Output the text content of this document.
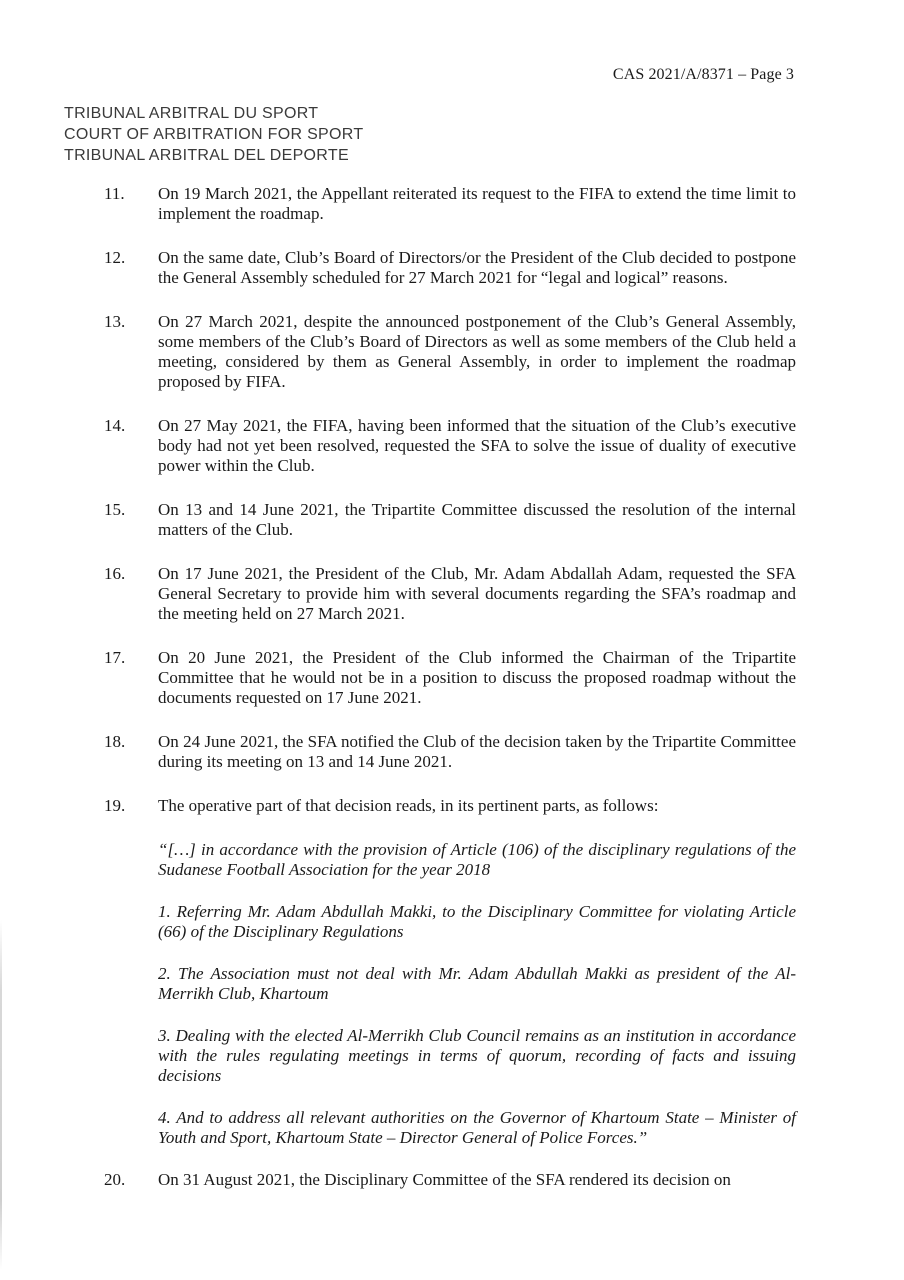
CAS 2021/A/8371 – Page 3
TRIBUNAL ARBITRAL DU SPORT
COURT OF ARBITRATION FOR SPORT
TRIBUNAL ARBITRAL DEL DEPORTE
11.	On 19 March 2021, the Appellant reiterated its request to the FIFA to extend the time limit to implement the roadmap.
12.	On the same date, Club’s Board of Directors/or the President of the Club decided to postpone the General Assembly scheduled for 27 March 2021 for “legal and logical” reasons.
13.	On 27 March 2021, despite the announced postponement of the Club’s General Assembly, some members of the Club’s Board of Directors as well as some members of the Club held a meeting, considered by them as General Assembly, in order to implement the roadmap proposed by FIFA.
14.	On 27 May 2021, the FIFA, having been informed that the situation of the Club’s executive body had not yet been resolved, requested the SFA to solve the issue of duality of executive power within the Club.
15.	On 13 and 14 June 2021, the Tripartite Committee discussed the resolution of the internal matters of the Club.
16.	On 17 June 2021, the President of the Club, Mr. Adam Abdallah Adam, requested the SFA General Secretary to provide him with several documents regarding the SFA’s roadmap and the meeting held on 27 March 2021.
17.	On 20 June 2021, the President of the Club informed the Chairman of the Tripartite Committee that he would not be in a position to discuss the proposed roadmap without the documents requested on 17 June 2021.
18.	On 24 June 2021, the SFA notified the Club of the decision taken by the Tripartite Committee during its meeting on 13 and 14 June 2021.
19.	The operative part of that decision reads, in its pertinent parts, as follows:
“[…] in accordance with the provision of Article (106) of the disciplinary regulations of the Sudanese Football Association for the year 2018
1. Referring Mr. Adam Abdullah Makki, to the Disciplinary Committee for violating Article (66) of the Disciplinary Regulations
2. The Association must not deal with Mr. Adam Abdullah Makki as president of the Al-Merrikh Club, Khartoum
3. Dealing with the elected Al-Merrikh Club Council remains as an institution in accordance with the rules regulating meetings in terms of quorum, recording of facts and issuing decisions
4. And to address all relevant authorities on the Governor of Khartoum State – Minister of Youth and Sport, Khartoum State – Director General of Police Forces.”
20.	On 31 August 2021, the Disciplinary Committee of the SFA rendered its decision on
